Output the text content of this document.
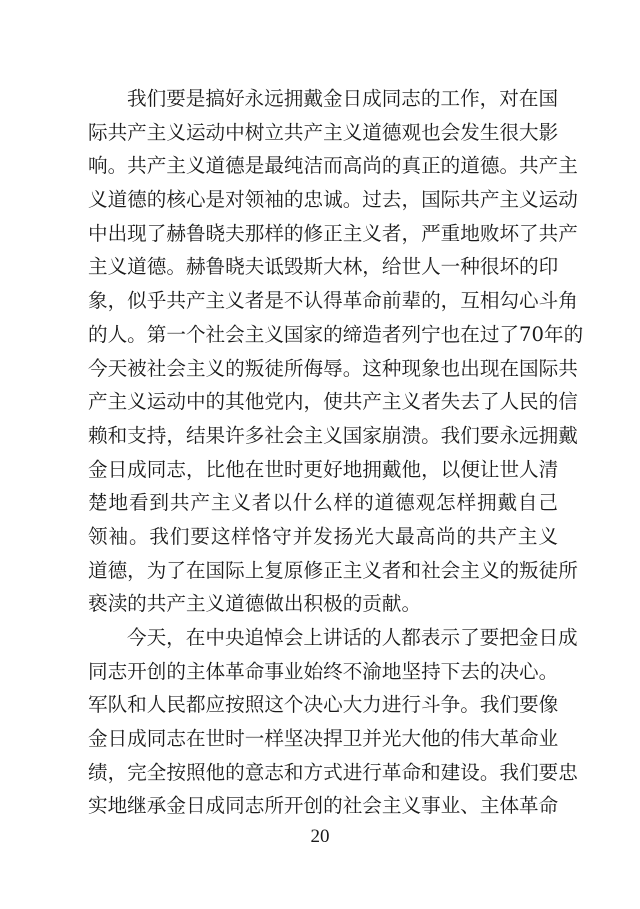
我们要是搞好永远拥戴金日成同志的工作，对在国
际共产主义运动中树立共产主义道德观也会发生很大影
响。共产主义道德是最纯洁而高尚的真正的道德。共产主
义道德的核心是对领袖的忠诚。过去，国际共产主义运动
中出现了赫鲁晓夫那样的修正主义者，严重地败坏了共产
主义道德。赫鲁晓夫诋毁斯大林，给世人一种很坏的印
象，似乎共产主义者是不认得革命前辈的，互相勾心斗角
的人。第一个社会主义国家的缔造者列宁也在过了70年的
今天被社会主义的叛徒所侮辱。这种现象也出现在国际共
产主义运动中的其他党内，使共产主义者失去了人民的信
赖和支持，结果许多社会主义国家崩溃。我们要永远拥戴
金日成同志，比他在世时更好地拥戴他，以便让世人清
楚地看到共产主义者以什么样的道德观怎样拥戴自己
领袖。我们要这样恪守并发扬光大最高尚的共产主义
道德，为了在国际上复原修正主义者和社会主义的叛徒所
亵渎的共产主义道德做出积极的贡献。
今天，在中央追悼会上讲话的人都表示了要把金日成
同志开创的主体革命事业始终不渝地坚持下去的决心。
军队和人民都应按照这个决心大力进行斗争。我们要像
金日成同志在世时一样坚决捍卫并光大他的伟大革命业
绩，完全按照他的意志和方式进行革命和建设。我们要忠
实地继承金日成同志所开创的社会主义事业、主体革命
20
